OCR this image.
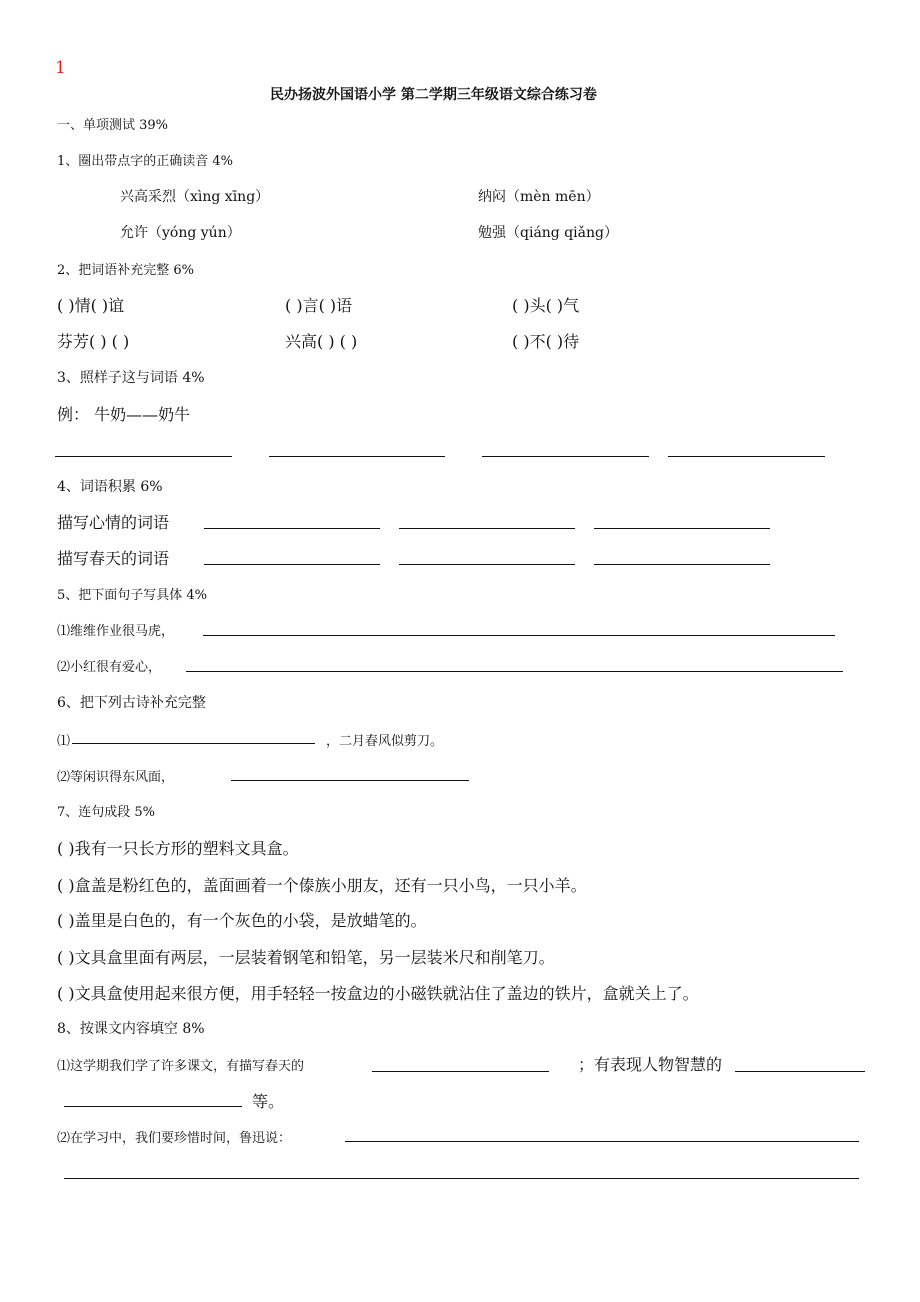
1
民办扬波外国语小学 第二学期三年级语文综合练习卷
一、单项测试 39%
1、圈出带点字的正确读音 4%
兴高采烈（xìng xīng）	纳闷（mèn mēn）
允许（yóng yún）	勉强（qiáng qiǎng）
2、把词语补充完整 6%
( )情( )谊	( )言( )语	( )头( )气
芬芳( ) ( )	兴高( ) ( )	( )不( )待
3、照样子这与词语 4%
例： 牛奶——奶牛
4、词语积累 6%
描写心情的词语
描写春天的词语
5、把下面句子写具体 4%
⑴维维作业很马虎，
⑵小红很有爱心，
6、把下列古诗补充完整
⑴	，二月春风似剪刀。
⑵等闲识得东风面，
7、连句成段 5%
( )我有一只长方形的塑料文具盒。
( )盒盖是粉红色的，盖面画着一个傣族小朋友，还有一只小鸟，一只小羊。
( )盖里是白色的，有一个灰色的小袋，是放蜡笔的。
( )文具盒里面有两层，一层装着钢笔和铅笔，另一层装米尺和削笔刀。
( )文具盒使用起来很方便，用手轻轻一按盒边的小磁铁就沾住了盖边的铁片，盒就关上了。
8、按课文内容填空 8%
⑴这学期我们学了许多课文，有描写春天的	；有表现人物智慧的
等。
⑵在学习中，我们要珍惜时间，鲁迅说：
